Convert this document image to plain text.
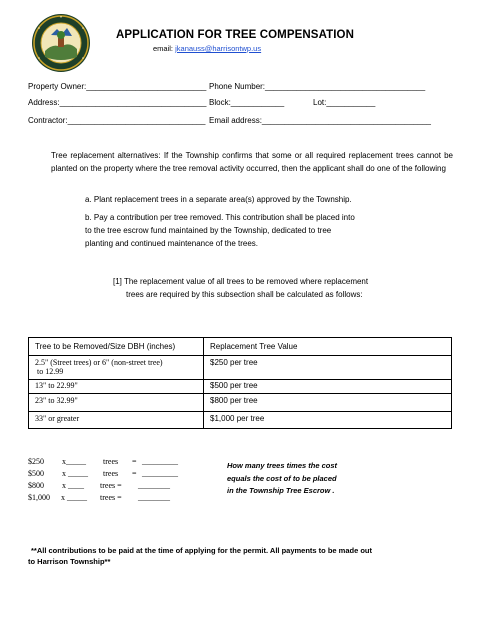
APPLICATION FOR TREE COMPENSATION
email: jkanauss@harrisontwp.us
Property Owner:___________________________ Phone Number:____________________________________
Address:_________________________________ Block:____________	Lot:___________
Contractor:_______________________________ Email address:______________________________________
Tree replacement alternatives: If the Township confirms that some or all required replacement trees cannot be planted on the property where the tree removal activity occurred, then the applicant shall do one of the following
a. Plant replacement trees in a separate area(s) approved by the Township.
b. Pay a contribution per tree removed. This contribution shall be placed into
to the tree escrow fund maintained by the Township, dedicated to tree
planting and continued maintenance of the trees.
[1] The replacement value of all trees to be removed where replacement
trees are required by this subsection shall be calculated as follows:
Tree to be Removed/Size DBH (inches)	Replacement Tree Value

2.5" (Street trees) or 6" (non-street tree)
to 12.99	$250 per tree
13" to 22.99"	$500 per tree
23" to 32.99"	$800 per tree
33" or greater	$1,000 per tree
$250 x_____ trees = _________
$500 x _____ trees = _________
$800 x ____ trees = ________
$1,000 x _____ trees = ________
How many trees times the cost
equals the cost of to be placed
in the Township Tree Escrow .
**All contributions to be paid at the time of applying for the permit. All payments to be made out
to Harrison Township**
